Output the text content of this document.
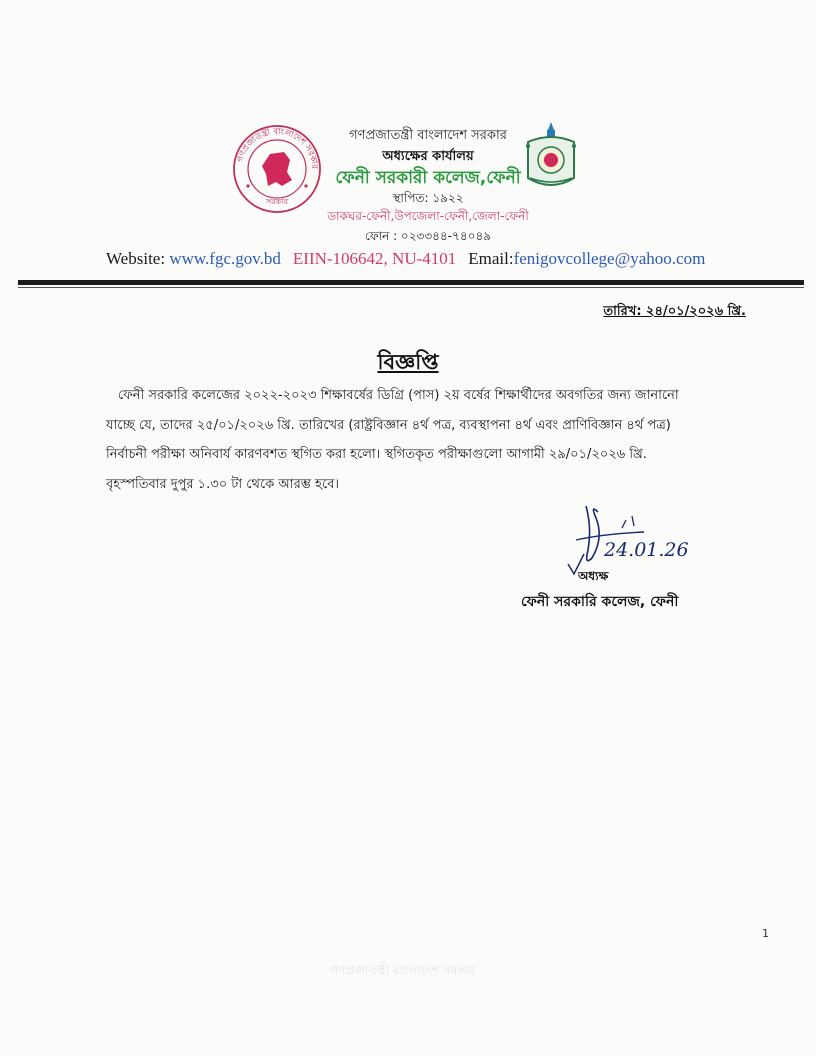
গণপ্রজাতন্ত্রী বাংলাদেশ সরকার
সরকার
গণপ্রজাতন্ত্রী বাংলাদেশ সরকার
অধ্যক্ষের কার্যালয়
ফেনী সরকারী কলেজ,ফেনী
স্থাপিত: ১৯২২
ডাকঘর-ফেনী,উপজেলা-ফেনী,জেলা-ফেনী
ফোন : ০২৩৩৪৪-৭৪০৪৯
Website: www.fgc.gov.bd EIIN-106642, NU-4101 Email:fenigovcollege@yahoo.com
তারিখ: ২৪/০১/২০২৬ খ্রি.
বিজ্ঞপ্তি
ফেনী সরকারি কলেজের ২০২২-২০২৩ শিক্ষাবর্ষের ডিগ্রি (পাস) ২য় বর্ষের শিক্ষার্থীদের অবগতির জন্য জানানো
যাচ্ছে যে, তাদের ২৫/০১/২০২৬ খ্রি. তারিখের (রাষ্ট্রবিজ্ঞান ৪র্থ পত্র, ব্যবস্থাপনা ৪র্থ এবং প্রাণিবিজ্ঞান ৪র্থ পত্র)
নির্বাচনী পরীক্ষা অনিবার্য কারণবশত স্থগিত করা হলো। স্থগিতকৃত পরীক্ষাগুলো আগামী ২৯/০১/২০২৬ খ্রি.
বৃহস্পতিবার দুপুর ১.৩০ টা থেকে আরম্ভ হবে।
24.01.26
অধ্যক্ষ
ফেনী সরকারি কলেজ, ফেনী
1
গণপ্রজাতন্ত্রী বাংলাদেশ সরকার
